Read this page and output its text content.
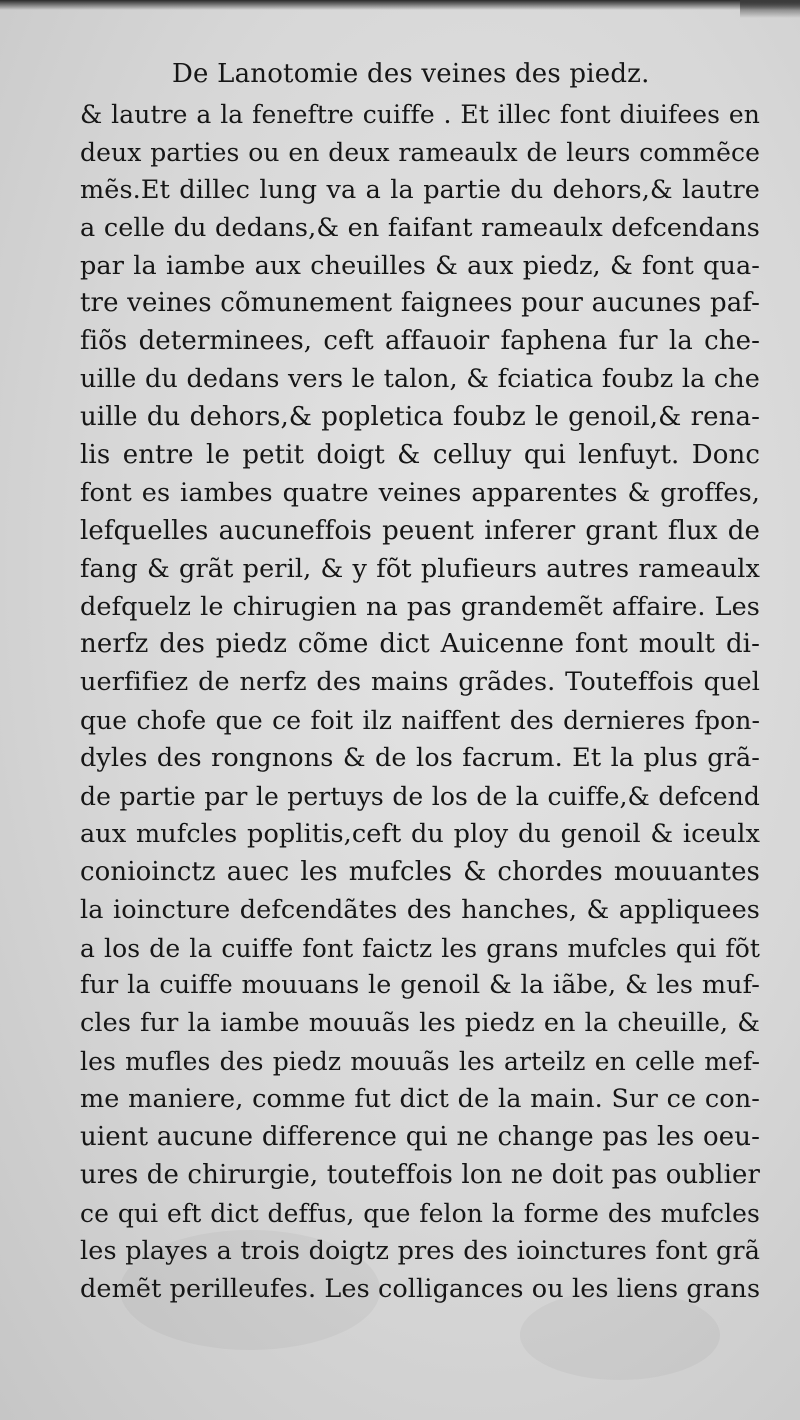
De Lanotomie des veines des piedz.
& lautre a la feneftre cuiffe . Et illec font diuifees en
deux parties ou en deux rameaulx de leurs commẽce
mẽs.Et dillec lung va a la partie du dehors,& lautre
a celle du dedans,& en faifant rameaulx defcendans
par la iambe aux cheuilles & aux piedz, & font qua-
tre veines cõmunement faignees pour aucunes paf-
fiõs determinees, ceft affauoir faphena fur la che-
uille du dedans vers le talon, & fciatica foubz la che
uille du dehors,& popletica foubz le genoil,& rena-
lis entre le petit doigt & celluy qui lenfuyt. Donc
font es iambes quatre veines apparentes & groffes,
lefquelles aucuneffois peuent inferer grant flux de
fang & grãt peril, & y fõt plufieurs autres rameaulx
defquelz le chirugien na pas grandemẽt affaire. Les
nerfz des piedz cõme dict Auicenne font moult di-
uerfifiez de nerfz des mains grãdes. Touteffois quel
que chofe que ce foit ilz naiffent des dernieres fpon-
dyles des rongnons & de los facrum. Et la plus grã-
de partie par le pertuys de los de la cuiffe,& defcend
aux mufcles poplitis,ceft du ploy du genoil & iceulx
conioinctz auec les mufcles & chordes mouuantes
la ioincture defcendãtes des hanches, & appliquees
a los de la cuiffe font faictz les grans mufcles qui fõt
fur la cuiffe mouuans le genoil & la iãbe, & les muf-
cles fur la iambe mouuãs les piedz en la cheuille, &
les mufles des piedz mouuãs les arteilz en celle mef-
me maniere, comme fut dict de la main. Sur ce con-
uient aucune difference qui ne change pas les oeu-
ures de chirurgie, touteffois lon ne doit pas oublier
ce qui eft dict deffus, que felon la forme des mufcles
les playes a trois doigtz pres des ioinctures font grã
demẽt perilleufes. Les colligances ou les liens grans
